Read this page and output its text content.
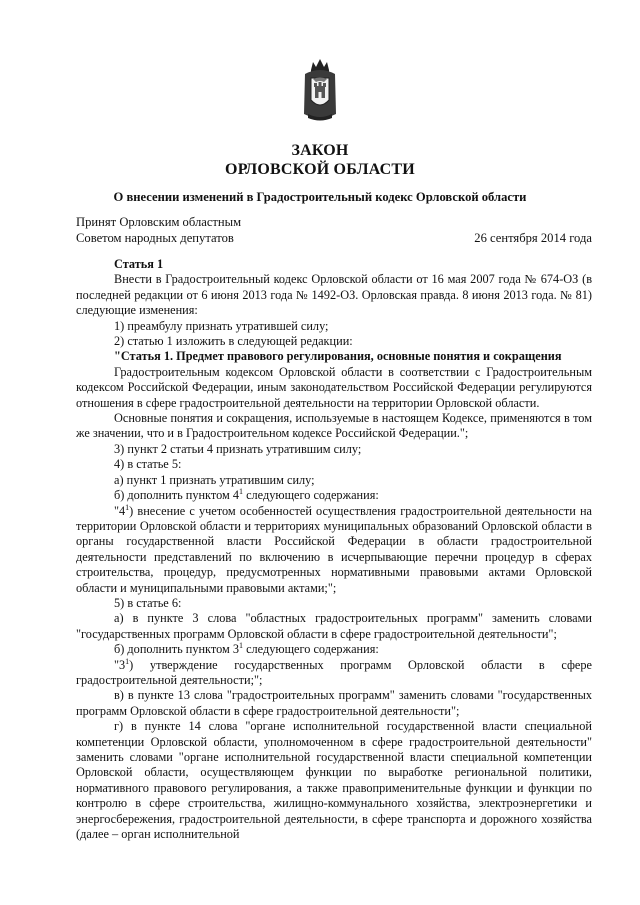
ЗАКОН
ОРЛОВСКОЙ ОБЛАСТИ
О внесении изменений в Градостроительный кодекс Орловской области
Принят Орловским областным
Советом народных депутатов	26 сентября 2014 года

Статья 1

Внести в Градостроительный кодекс Орловской области от 16 мая 2007 года № 674-ОЗ (в последней редакции от 6 июня 2013 года № 1492-ОЗ. Орловская правда. 8 июня 2013 года. № 81) следующие изменения:

1) преамбулу признать утратившей силу;

2) статью 1 изложить в следующей редакции:

"Статья 1. Предмет правового регулирования, основные понятия и сокращения

Градостроительным кодексом Орловской области в соответствии с Градостроительным кодексом Российской Федерации, иным законодательством Российской Федерации регулируются отношения в сфере градостроительной деятельности на территории Орловской области.

Основные понятия и сокращения, используемые в настоящем Кодексе, применяются в том же значении, что и в Градостроительном кодексе Российской Федерации.";

3) пункт 2 статьи 4 признать утратившим силу;

4) в статье 5:

а) пункт 1 признать утратившим силу;

б) дополнить пунктом $4^1$ следующего содержания:

"$4^1$) внесение с учетом особенностей осуществления градостроительной деятельности на территории Орловской области и территориях муниципальных образований Орловской области в органы государственной власти Российской Федерации в области градостроительной деятельности представлений по включению в исчерпывающие перечни процедур в сферах строительства, процедур, предусмотренных нормативными правовыми актами Орловской области и муниципальными правовыми актами;";

5) в статье 6:

а) в пункте 3 слова "областных градостроительных программ" заменить словами "государственных программ Орловской области в сфере градостроительной деятельности";

б) дополнить пунктом $3^1$ следующего содержания:

"$3^1$) утверждение государственных программ Орловской области в сфере градостроительной деятельности;";

в) в пункте 13 слова "градостроительных программ" заменить словами "государственных программ Орловской области в сфере градостроительной деятельности";

г) в пункте 14 слова "органе исполнительной государственной власти специальной компетенции Орловской области, уполномоченном в сфере градостроительной деятельности" заменить словами "органе исполнительной государственной власти специальной компетенции Орловской области, осуществляющем функции по выработке региональной политики, нормативного правового регулирования, а также правоприменительные функции и функции по контролю в сфере строительства, жилищно-коммунального хозяйства, электроэнергетики и энергосбережения, градостроительной деятельности, в сфере транспорта и дорожного хозяйства (далее – орган исполнительной
